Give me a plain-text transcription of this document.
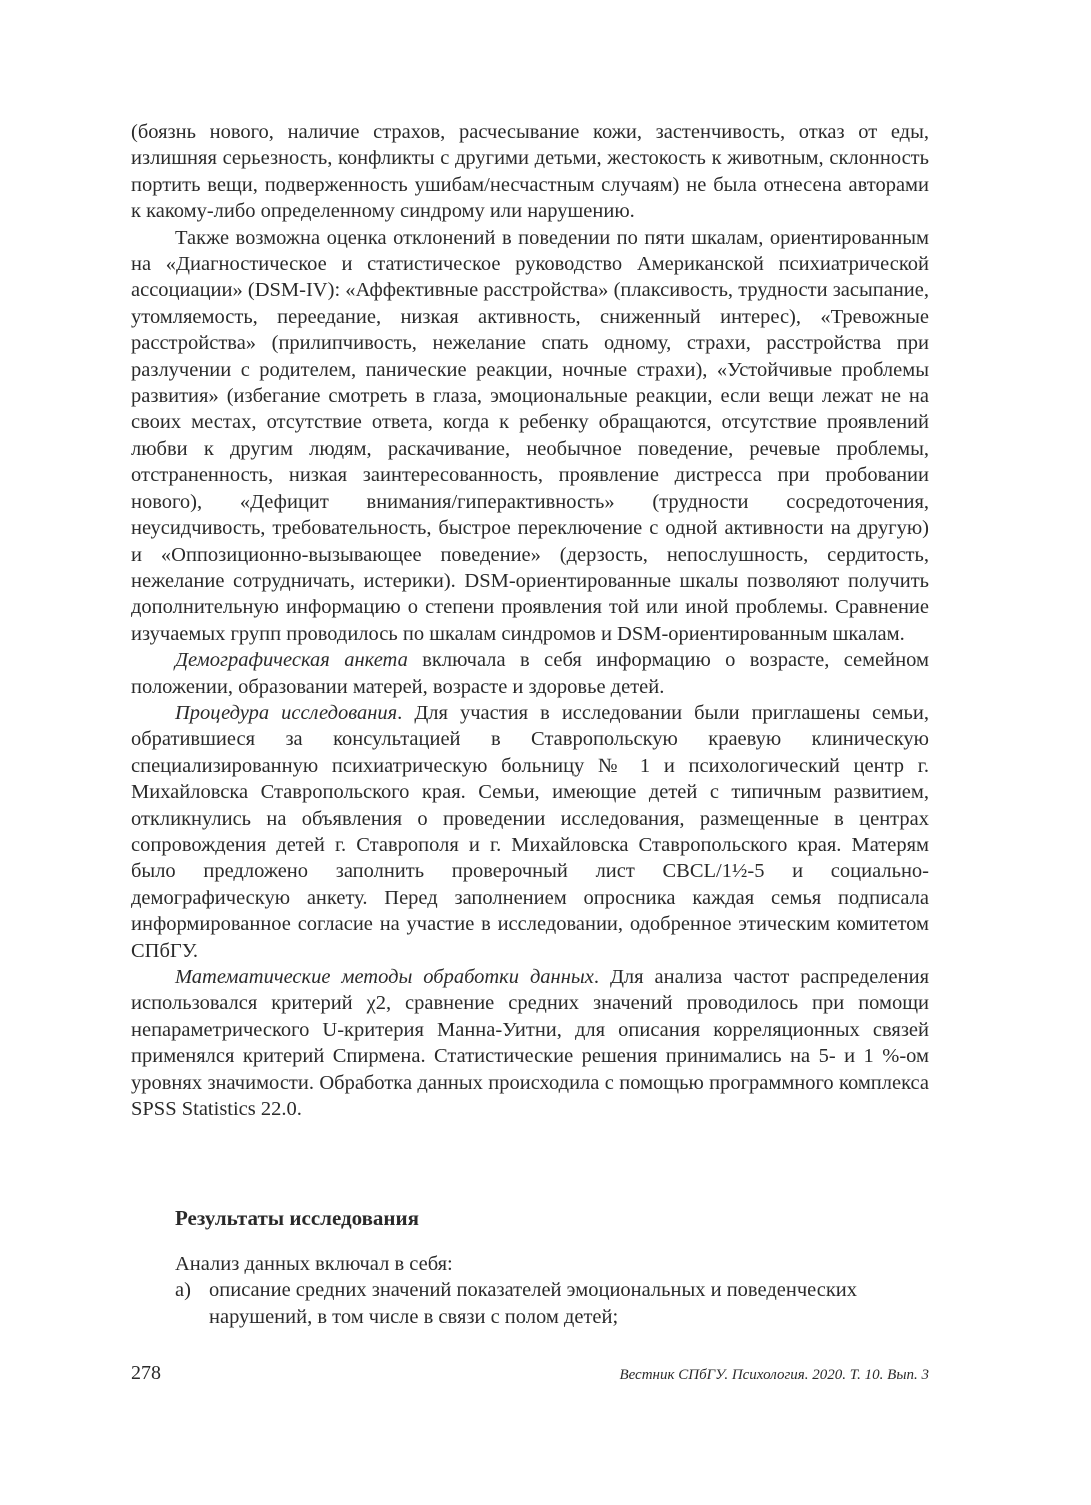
(боязнь нового, наличие страхов, расчесывание кожи, застенчивость, отказ от еды, излишняя серьезность, конфликты с другими детьми, жестокость к животным, склонность портить вещи, подверженность ушибам/несчастным случаям) не была отнесена авторами к какому-либо определенному синдрому или нарушению.

Также возможна оценка отклонений в поведении по пяти шкалам, ориентированным на «Диагностическое и статистическое руководство Американской психиатрической ассоциации» (DSM-IV): «Аффективные расстройства» (плаксивость, трудности засыпание, утомляемость, переедание, низкая активность, сниженный интерес), «Тревожные расстройства» (прилипчивость, нежелание спать одному, страхи, расстройства при разлучении с родителем, панические реакции, ночные страхи), «Устойчивые проблемы развития» (избегание смотреть в глаза, эмоциональные реакции, если вещи лежат не на своих местах, отсутствие ответа, когда к ребенку обращаются, отсутствие проявлений любви к другим людям, раскачивание, необычное поведение, речевые проблемы, отстраненность, низкая заинтересованность, проявление дистресса при пробовании нового), «Дефицит внимания/гиперактивность» (трудности сосредоточения, неусидчивость, требовательность, быстрое переключение с одной активности на другую) и «Оппозиционно-вызывающее поведение» (дерзость, непослушность, сердитость, нежелание сотрудничать, истерики). DSM-ориентированные шкалы позволяют получить дополнительную информацию о степени проявления той или иной проблемы. Сравнение изучаемых групп проводилось по шкалам синдромов и DSM-ориентированным шкалам.

Демографическая анкета включала в себя информацию о возрасте, семейном положении, образовании матерей, возрасте и здоровье детей.

Процедура исследования. Для участия в исследовании были приглашены семьи, обратившиеся за консультацией в Ставропольскую краевую клиническую специализированную психиатрическую больницу № 1 и психологический центр г. Михайловска Ставропольского края. Семьи, имеющие детей с типичным развитием, откликнулись на объявления о проведении исследования, размещенные в центрах сопровождения детей г. Ставрополя и г. Михайловска Ставропольского края. Матерям было предложено заполнить проверочный лист CBCL/1½-5 и социально-демографическую анкету. Перед заполнением опросника каждая семья подписала информированное согласие на участие в исследовании, одобренное этическим комитетом СПбГУ.

Математические методы обработки данных. Для анализа частот распределения использовался критерий χ2, сравнение средних значений проводилось при помощи непараметрического U-критерия Манна-Уитни, для описания корреляционных связей применялся критерий Спирмена. Статистические решения принимались на 5- и 1 %-ом уровнях значимости. Обработка данных происходила с помощью программного комплекса SPSS Statistics 22.0.

Результаты исследования

Анализ данных включал в себя:

а) описание средних значений показателей эмоциональных и поведенческих

нарушений, в том числе в связи с полом детей;

278	Вестник СПбГУ. Психология. 2020. Т. 10. Вып. 3
